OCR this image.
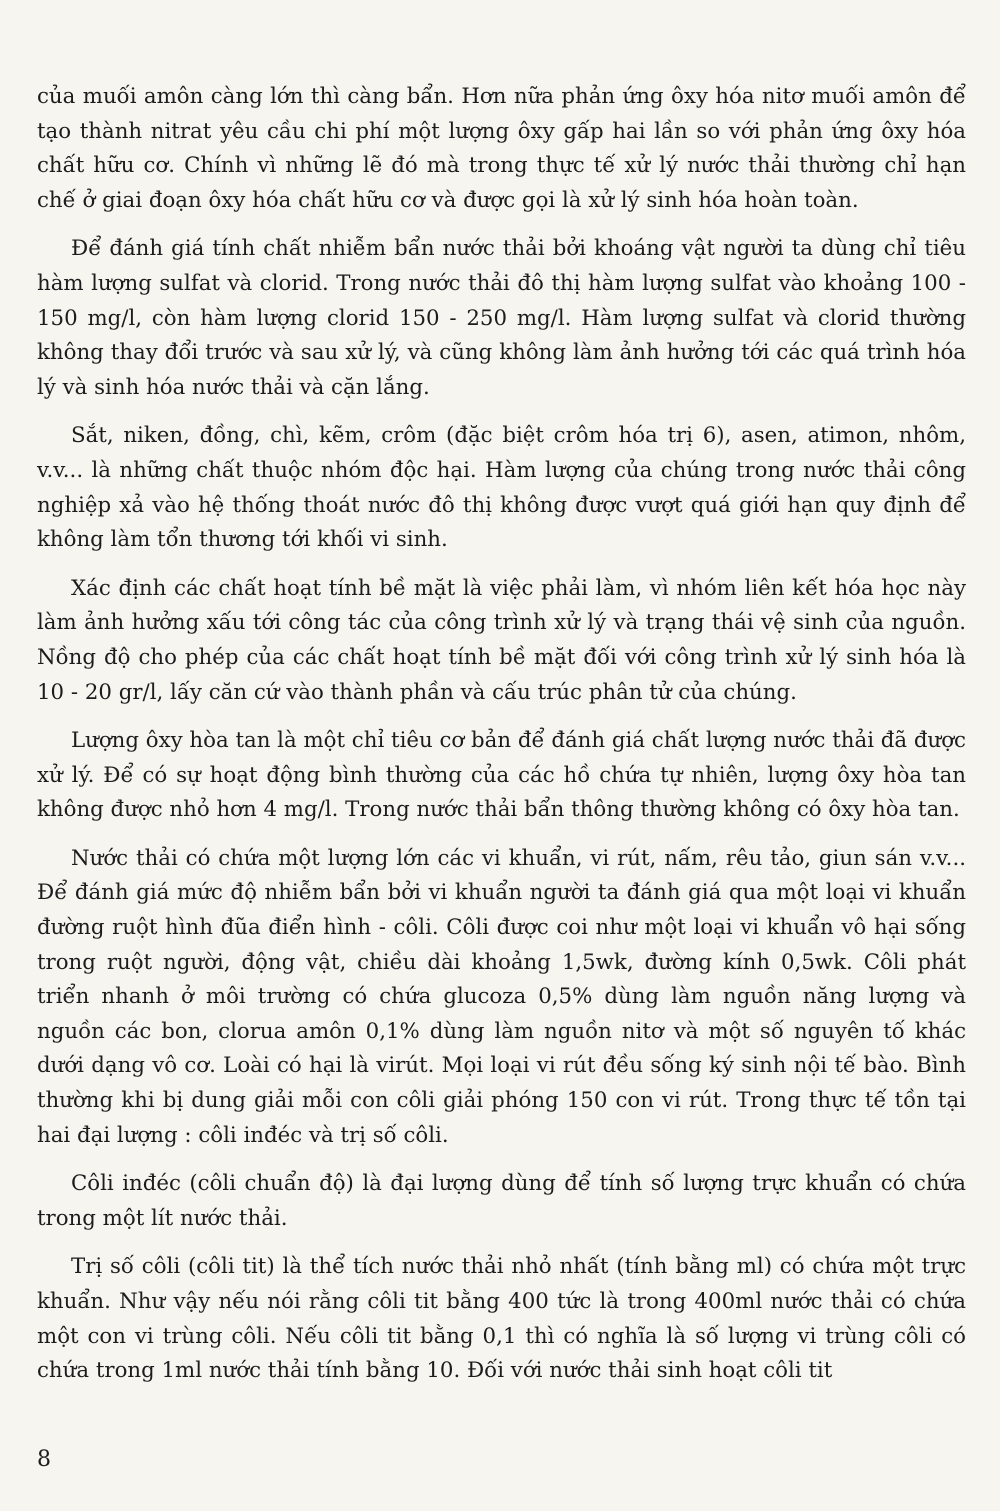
của muối amôn càng lớn thì càng bẩn. Hơn nữa phản ứng ôxy hóa nitơ muối amôn để tạo thành nitrat yêu cầu chi phí một lượng ôxy gấp hai lần so với phản ứng ôxy hóa chất hữu cơ. Chính vì những lẽ đó mà trong thực tế xử lý nước thải thường chỉ hạn chế ở giai đoạn ôxy hóa chất hữu cơ và được gọi là xử lý sinh hóa hoàn toàn.

Để đánh giá tính chất nhiễm bẩn nước thải bởi khoáng vật người ta dùng chỉ tiêu hàm lượng sulfat và clorid. Trong nước thải đô thị hàm lượng sulfat vào khoảng 100 - 150 mg/l, còn hàm lượng clorid 150 - 250 mg/l. Hàm lượng sulfat và clorid thường không thay đổi trước và sau xử lý, và cũng không làm ảnh hưởng tới các quá trình hóa lý và sinh hóa nước thải và cặn lắng.

Sắt, niken, đồng, chì, kẽm, crôm (đặc biệt crôm hóa trị 6), asen, atimon, nhôm, v.v... là những chất thuộc nhóm độc hại. Hàm lượng của chúng trong nước thải công nghiệp xả vào hệ thống thoát nước đô thị không được vượt quá giới hạn quy định để không làm tổn thương tới khối vi sinh.

Xác định các chất hoạt tính bề mặt là việc phải làm, vì nhóm liên kết hóa học này làm ảnh hưởng xấu tới công tác của công trình xử lý và trạng thái vệ sinh của nguồn. Nồng độ cho phép của các chất hoạt tính bề mặt đối với công trình xử lý sinh hóa là 10 - 20 gr/l, lấy căn cứ vào thành phần và cấu trúc phân tử của chúng.

Lượng ôxy hòa tan là một chỉ tiêu cơ bản để đánh giá chất lượng nước thải đã được xử lý. Để có sự hoạt động bình thường của các hồ chứa tự nhiên, lượng ôxy hòa tan không được nhỏ hơn 4 mg/l. Trong nước thải bẩn thông thường không có ôxy hòa tan.

Nước thải có chứa một lượng lớn các vi khuẩn, vi rút, nấm, rêu tảo, giun sán v.v... Để đánh giá mức độ nhiễm bẩn bởi vi khuẩn người ta đánh giá qua một loại vi khuẩn đường ruột hình đũa điển hình - côli. Côli được coi như một loại vi khuẩn vô hại sống trong ruột người, động vật, chiều dài khoảng 1,5wk, đường kính 0,5wk. Côli phát triển nhanh ở môi trường có chứa glucoza 0,5% dùng làm nguồn năng lượng và nguồn các bon, clorua amôn 0,1% dùng làm nguồn nitơ và một số nguyên tố khác dưới dạng vô cơ. Loài có hại là virút. Mọi loại vi rút đều sống ký sinh nội tế bào. Bình thường khi bị dung giải mỗi con côli giải phóng 150 con vi rút. Trong thực tế tồn tại hai đại lượng : côli inđéc và trị số côli.

Côli inđéc (côli chuẩn độ) là đại lượng dùng để tính số lượng trực khuẩn có chứa trong một lít nước thải.

Trị số côli (côli tit) là thể tích nước thải nhỏ nhất (tính bằng ml) có chứa một trực khuẩn. Như vậy nếu nói rằng côli tit bằng 400 tức là trong 400ml nước thải có chứa một con vi trùng côli. Nếu côli tit bằng 0,1 thì có nghĩa là số lượng vi trùng côli có chứa trong 1ml nước thải tính bằng 10. Đối với nước thải sinh hoạt côli tit

8
